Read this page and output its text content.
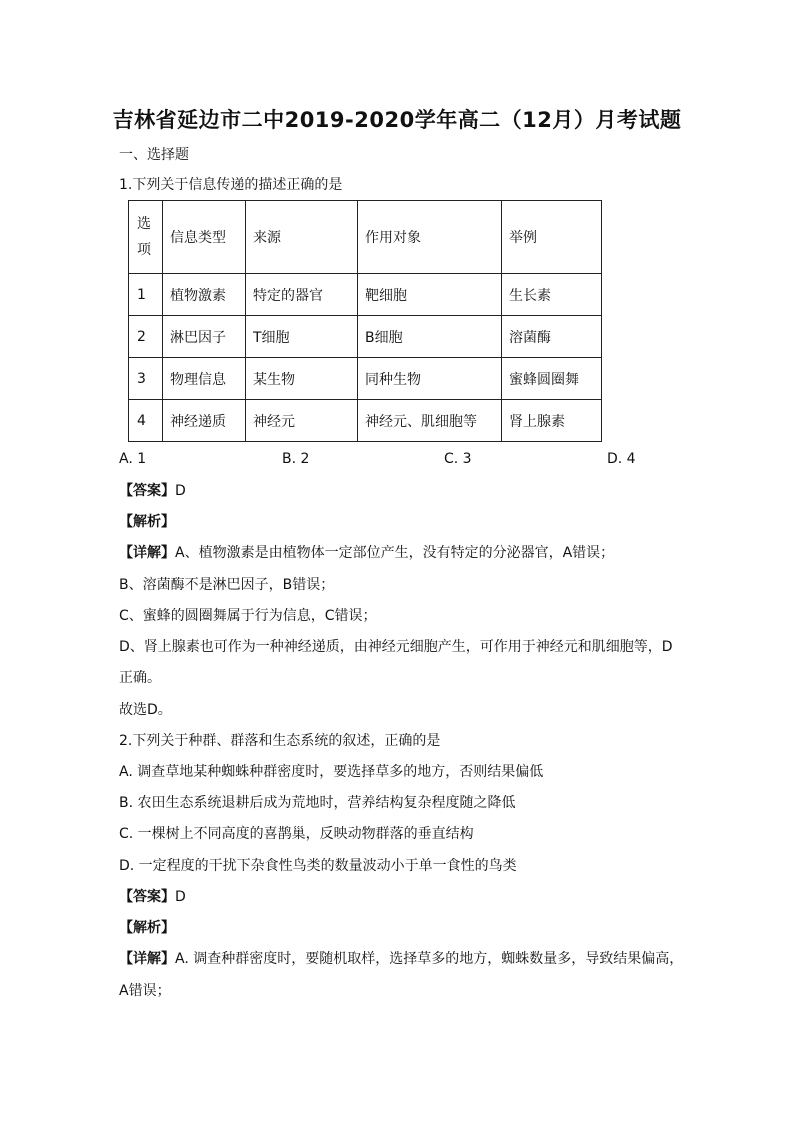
吉林省延边市二中2019-2020学年高二（12月）月考试题
一、选择题
1.下列关于信息传递的描述正确的是
选
项	信息类型	来源	作用对象	举例
1	植物激素	特定的器官	靶细胞	生长素
2	淋巴因子	T细胞	B细胞	溶菌酶
3	物理信息	某生物	同种生物	蜜蜂圆圈舞
4	神经递质	神经元	神经元、肌细胞等	肾上腺素
A. 1	B. 2	C. 3	D. 4
【答案】D
【解析】
【详解】A、植物激素是由植物体一定部位产生，没有特定的分泌器官，A错误；
B、溶菌酶不是淋巴因子，B错误；
C、蜜蜂的圆圈舞属于行为信息，C错误；
D、肾上腺素也可作为一种神经递质，由神经元细胞产生，可作用于神经元和肌细胞等，D
正确。
故选D。
2.下列关于种群、群落和生态系统的叙述，正确的是
A. 调查草地某种蜘蛛种群密度时，要选择草多的地方，否则结果偏低
B. 农田生态系统退耕后成为荒地时，营养结构复杂程度随之降低
C. 一棵树上不同高度的喜鹊巢，反映动物群落的垂直结构
D. 一定程度的干扰下杂食性鸟类的数量波动小于单一食性的鸟类
【答案】D
【解析】
【详解】A. 调查种群密度时，要随机取样，选择草多的地方，蜘蛛数量多，导致结果偏高，
A错误；
